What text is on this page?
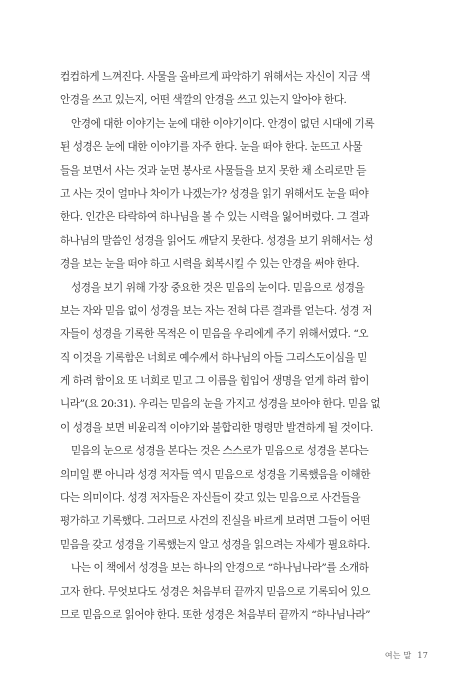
컴컴하게 느껴진다. 사물을 올바르게 파악하기 위해서는 자신이 지금 색
안경을 쓰고 있는지, 어떤 색깔의 안경을 쓰고 있는지 알아야 한다.
안경에 대한 이야기는 눈에 대한 이야기이다. 안경이 없던 시대에 기록
된 성경은 눈에 대한 이야기를 자주 한다. 눈을 떠야 한다. 눈뜨고 사물
들을 보면서 사는 것과 눈먼 봉사로 사물들을 보지 못한 채 소리로만 듣
고 사는 것이 얼마나 차이가 나겠는가? 성경을 읽기 위해서도 눈을 떠야
한다. 인간은 타락하여 하나님을 볼 수 있는 시력을 잃어버렸다. 그 결과
하나님의 말씀인 성경을 읽어도 깨닫지 못한다. 성경을 보기 위해서는 성
경을 보는 눈을 떠야 하고 시력을 회복시킬 수 있는 안경을 써야 한다.
성경을 보기 위해 가장 중요한 것은 믿음의 눈이다. 믿음으로 성경을
보는 자와 믿음 없이 성경을 보는 자는 전혀 다른 결과를 얻는다. 성경 저
자들이 성경을 기록한 목적은 이 믿음을 우리에게 주기 위해서였다. “오
직 이것을 기록함은 너희로 예수께서 하나님의 아들 그리스도이심을 믿
게 하려 함이요 또 너희로 믿고 그 이름을 힘입어 생명을 얻게 하려 함이
니라”(요 20:31). 우리는 믿음의 눈을 가지고 성경을 보아야 한다. 믿음 없
이 성경을 보면 비윤리적 이야기와 불합리한 명령만 발견하게 될 것이다.
믿음의 눈으로 성경을 본다는 것은 스스로가 믿음으로 성경을 본다는
의미일 뿐 아니라 성경 저자들 역시 믿음으로 성경을 기록했음을 이해한
다는 의미이다. 성경 저자들은 자신들이 갖고 있는 믿음으로 사건들을
평가하고 기록했다. 그러므로 사건의 진실을 바르게 보려면 그들이 어떤
믿음을 갖고 성경을 기록했는지 알고 성경을 읽으려는 자세가 필요하다.
나는 이 책에서 성경을 보는 하나의 안경으로 “하나님나라”를 소개하
고자 한다. 무엇보다도 성경은 처음부터 끝까지 믿음으로 기록되어 있으
므로 믿음으로 읽어야 한다. 또한 성경은 처음부터 끝까지 “하나님나라”
여는 말 17
